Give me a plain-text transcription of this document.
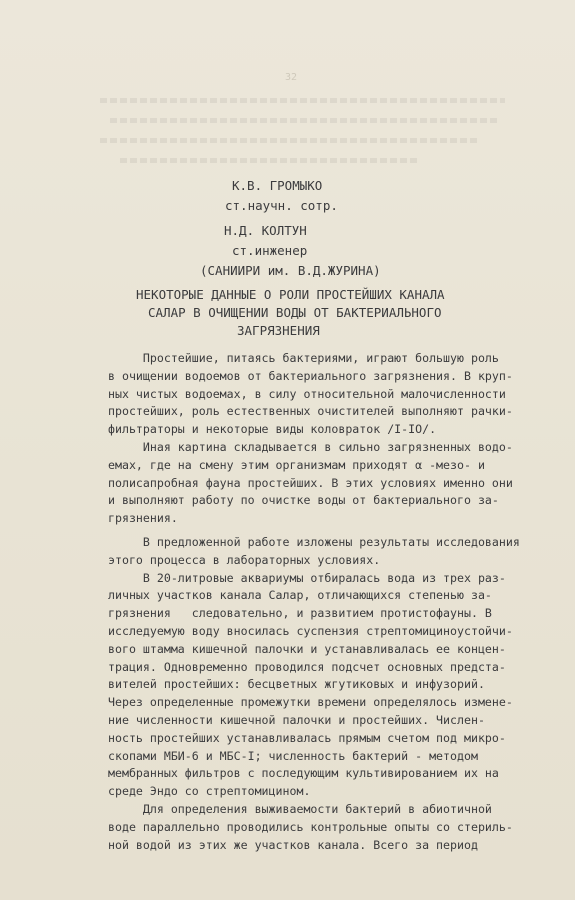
32

К.В. ГРОМЫКО

ст.научн. сотр.

Н.Д. КОЛТУН

ст.инженер

(САНИИРИ им. В.Д.ЖУРИНА)

НЕКОТОРЫЕ ДАННЫЕ О РОЛИ ПРОСТЕЙШИХ КАНАЛА

САЛАР В ОЧИЩЕНИИ ВОДЫ ОТ БАКТЕРИАЛЬНОГО

ЗАГРЯЗНЕНИЯ

Простейшие, питаясь бактериями, играют большую роль

в очищении водоемов от бактериального загрязнения. В круп-

ных чистых водоемах, в силу относительной малочисленности

простейших, роль естественных очистителей выполняют рачки-

фильтраторы и некоторые виды коловраток /I-IO/.

Иная картина складывается в сильно загрязненных водо-

емах, где на смену этим организмам приходят α -мезо- и

полисапробная фауна простейших. В этих условиях именно они

и выполняют работу по очистке воды от бактериального за-

грязнения.

В предложенной работе изложены результаты исследования

этого процесса в лабораторных условиях.

В 20-литровые аквариумы отбиралась вода из трех раз-

личных участков канала Салар, отличающихся степенью за-

грязнения   следовательно, и развитием протистофауны. В

исследуемую воду вносилась суспензия стрептомициноустойчи-

вого штамма кишечной палочки и устанавливалась ее концен-

трация. Одновременно проводился подсчет основных предста-

вителей простейших: бесцветных жгутиковых и инфузорий.

Через определенные промежутки времени определялось измене-

ние численности кишечной палочки и простейших. Числен-

ность простейших устанавливалась прямым счетом под микро-

скопами МБИ-6 и МБС-I; численность бактерий - методом

мембранных фильтров с последующим культивированием их на

среде Эндо со стрептомицином.

Для определения выживаемости бактерий в абиотичной

воде параллельно проводились контрольные опыты со стериль-

ной водой из этих же участков канала. Всего за период
